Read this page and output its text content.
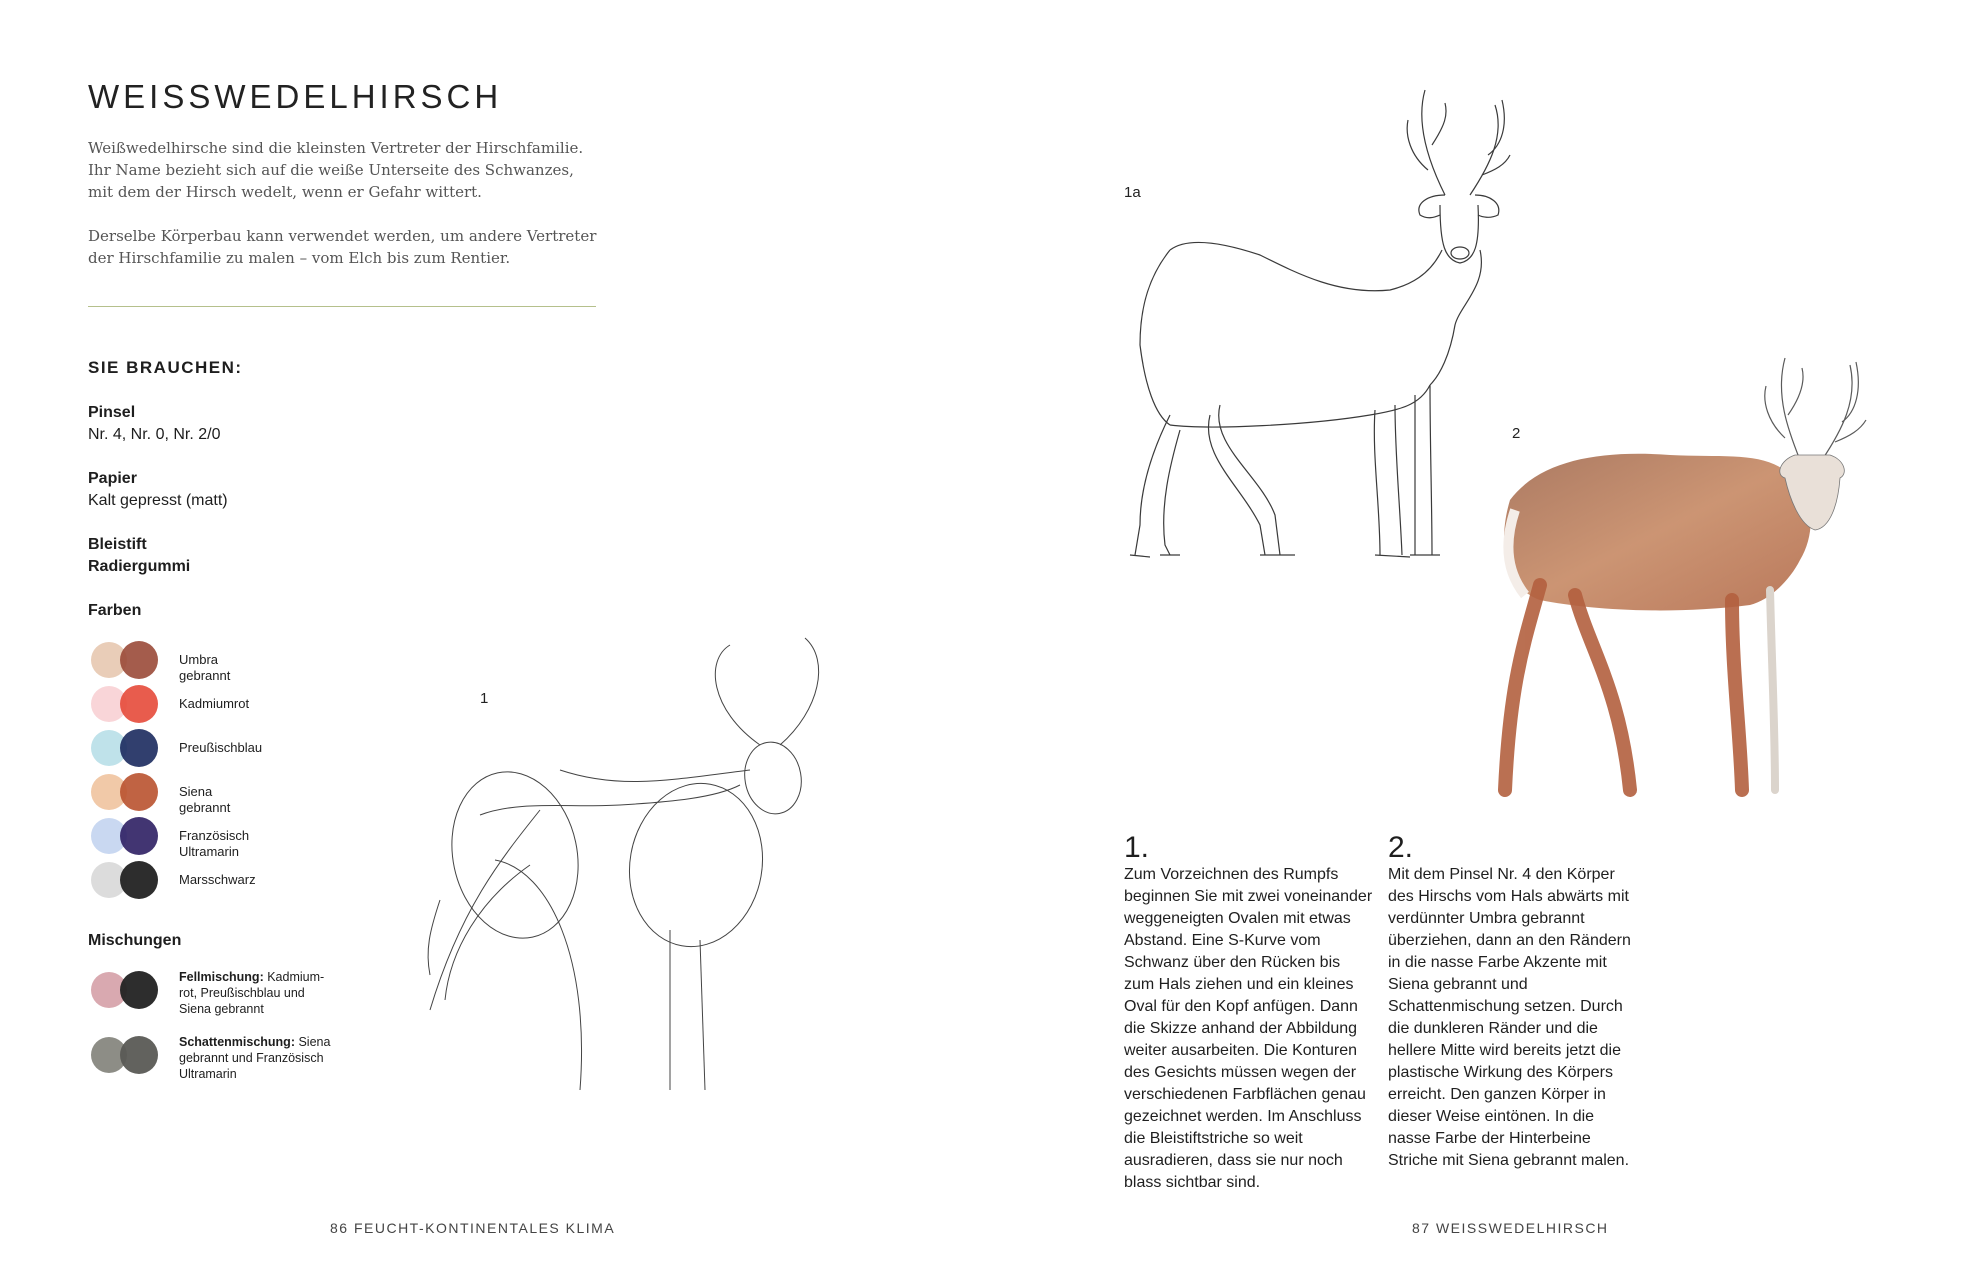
WEISSWEDELHIRSCH

Weißwedelhirsche sind die kleinsten Vertreter der Hirschfamilie. Ihr Name bezieht sich auf die weiße Unterseite des Schwanzes, mit dem der Hirsch wedelt, wenn er Gefahr wittert.

Derselbe Körperbau kann verwendet werden, um andere Vertreter der Hirschfamilie zu malen – vom Elch bis zum Rentier.

SIE BRAUCHEN:
Pinsel
Nr. 4, Nr. 0, Nr. 2/0
Papier
Kalt gepresst (matt)
Bleistift
Radiergummi
Farben
Umbra gebrannt
Kadmiumrot
Preußischblau
Siena gebrannt
Französisch Ultramarin
Marsschwarz
Mischungen
Fellmischung: Kadmium-rot, Preußischblau und Siena gebrannt
Schattenmischung: Siena gebrannt und Französisch Ultramarin
1
86 FEUCHT-KONTINENTALES KLIMA
1a
2
1.
Zum Vorzeichnen des Rumpfs beginnen Sie mit zwei voneinander weggeneigten Ovalen mit etwas Abstand. Eine S-Kurve vom Schwanz über den Rücken bis zum Hals ziehen und ein kleines Oval für den Kopf anfügen. Dann die Skizze anhand der Abbildung weiter ausarbeiten. Die Konturen des Gesichts müssen wegen der verschiedenen Farbflächen genau gezeichnet werden. Im Anschluss die Bleistiftstriche so weit ausradieren, dass sie nur noch blass sichtbar sind.
2.
Mit dem Pinsel Nr. 4 den Körper des Hirschs vom Hals abwärts mit verdünnter Umbra gebrannt überziehen, dann an den Rändern in die nasse Farbe Akzente mit Siena gebrannt und Schattenmischung setzen. Durch die dunkleren Ränder und die hellere Mitte wird bereits jetzt die plastische Wirkung des Körpers erreicht. Den ganzen Körper in dieser Weise eintönen. In die nasse Farbe der Hinterbeine Striche mit Siena gebrannt malen.
87 WEISSWEDELHIRSCH
